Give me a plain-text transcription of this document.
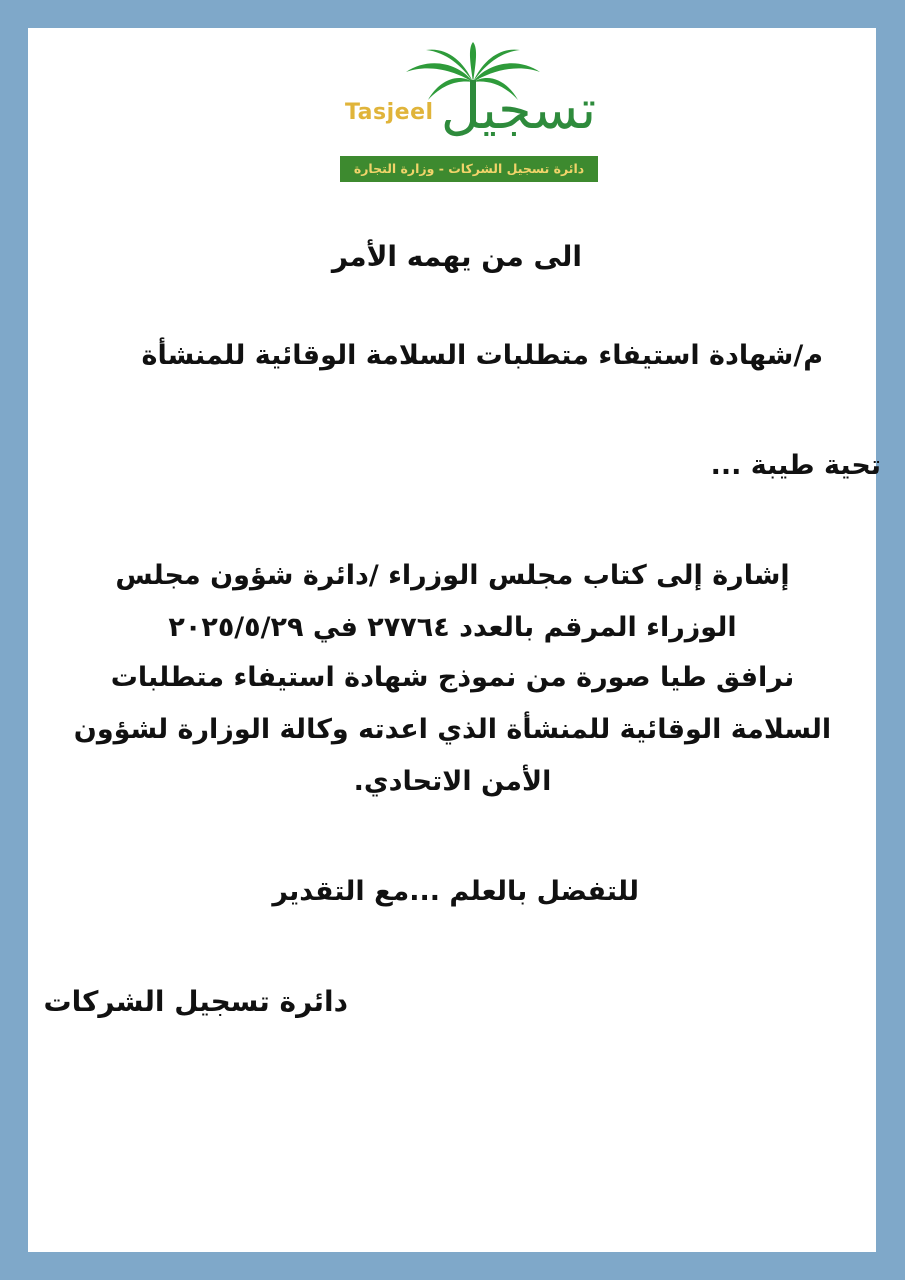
Tasjeel تسجيل
دائرة تسجيل الشركات - وزارة التجارة
الى من يهمه الأمر
م/شهادة استيفاء متطلبات السلامة الوقائية للمنشأة
تحية طيبة ...
إشارة إلى كتاب مجلس الوزراء /دائرة شؤون مجلس
الوزراء المرقم بالعدد ٢٧٧٦٤ في ٢٠٢٥/٥/٢٩
نرافق طيا صورة من نموذج شهادة استيفاء متطلبات
السلامة الوقائية للمنشأة الذي اعدته وكالة الوزارة لشؤون
الأمن الاتحادي.
للتفضل بالعلم ...مع التقدير
دائرة تسجيل الشركات
